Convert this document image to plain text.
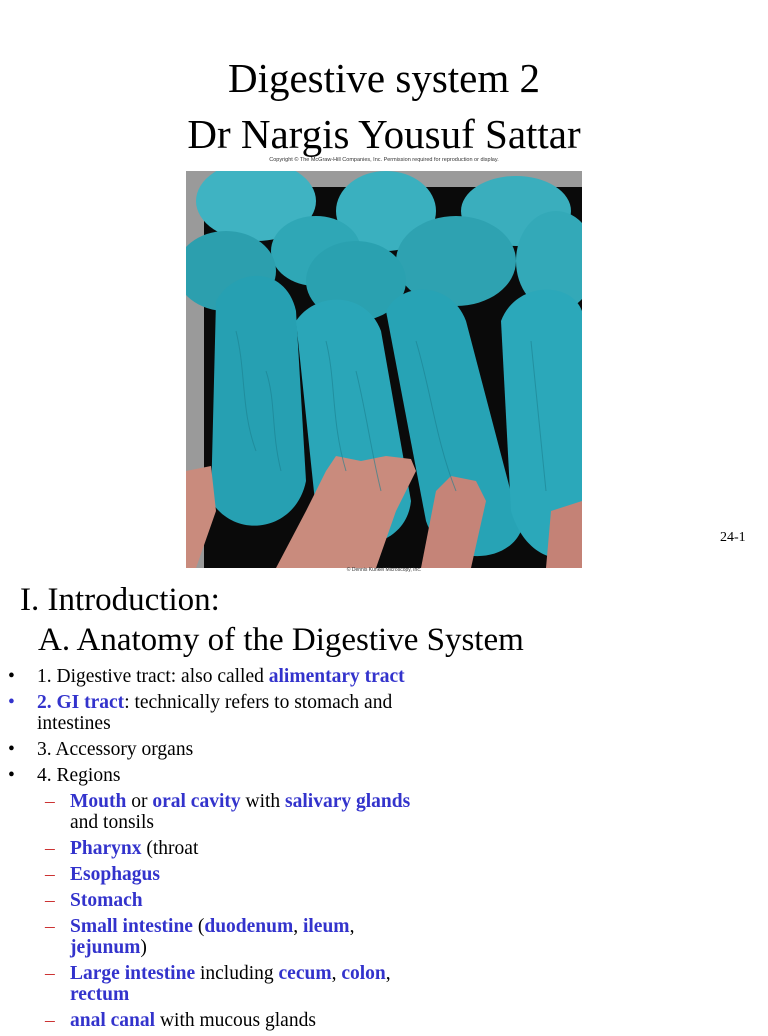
Digestive system 2
Dr Nargis Yousuf Sattar
Copyright © The McGraw-Hill Companies, Inc. Permission required for reproduction or display.
© Dennis Kunkel Microscopy, Inc.
24-1
I. Introduction:
A. Anatomy of the Digestive System
• 1. Digestive tract: also called alimentary tract
• 2. GI tract: technically refers to stomach and
intestines
• 3. Accessory organs
• 4. Regions
– Mouth or oral cavity with salivary glands
and tonsils
– Pharynx (throat
– Esophagus
– Stomach
– Small intestine (duodenum, ileum,
jejunum)
– Large intestine including cecum, colon,
rectum
– anal canal with mucous glands
